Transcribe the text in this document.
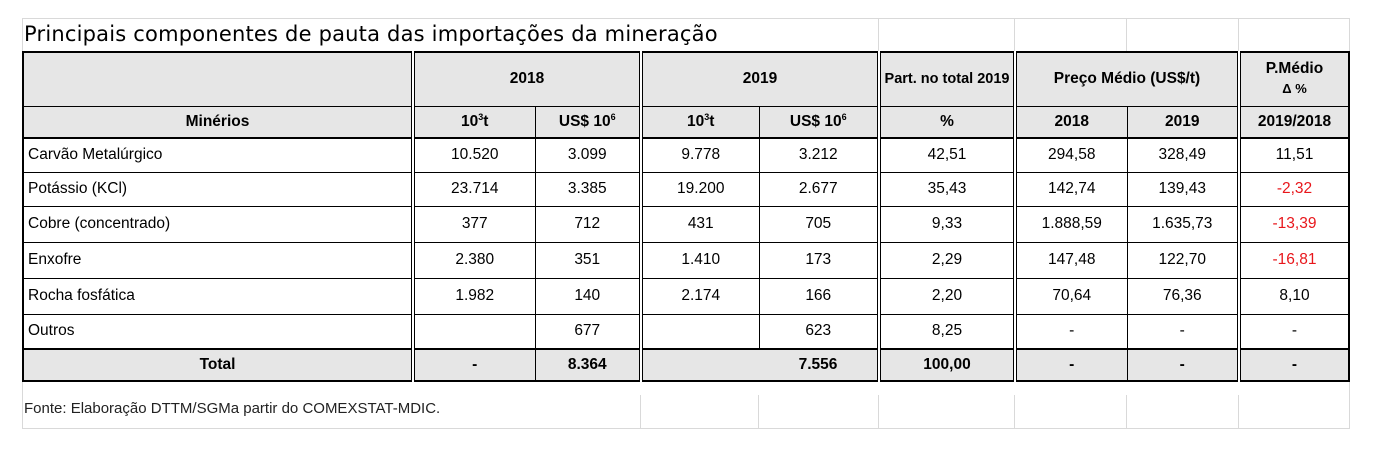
Principais componentes de pauta das importações da mineração
	2018		2019		Part. no total 2019	Preço Médio (US$/t)		P.Médio
Δ %

Minérios	$10^3t$	US$ $10^6$	$10^3t$	US$ $10^6$	%	2018	2019	2019/2018
Carvão Metalúrgico	10.520	3.099	9.778	3.212	42,51	294,58	328,49	11,51
Potássio (KCl)	23.714	3.385	19.200	2.677	35,43	142,74	139,43	-2,32
Cobre (concentrado)	377	712	431	705	9,33	1.888,59	1.635,73	-13,39
Enxofre	2.380	351	1.410	173	2,29	147,48	122,70	-16,81
Rocha fosfática	1.982	140	2.174	166	2,20	70,64	76,36	8,10
Outros		677		623	8,25	-	-	-
Total	-	8.364		7.556	100,00	-	-	-
Fonte: Elaboração DTTM/SGMa partir do COMEXSTAT-MDIC.
